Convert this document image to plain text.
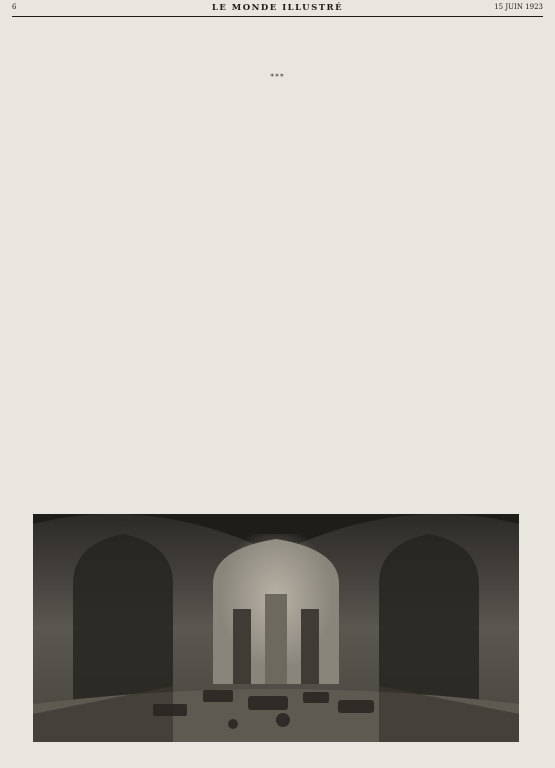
6	LE MONDE ILLUSTRÉ	15 JUIN 1923

* * *
